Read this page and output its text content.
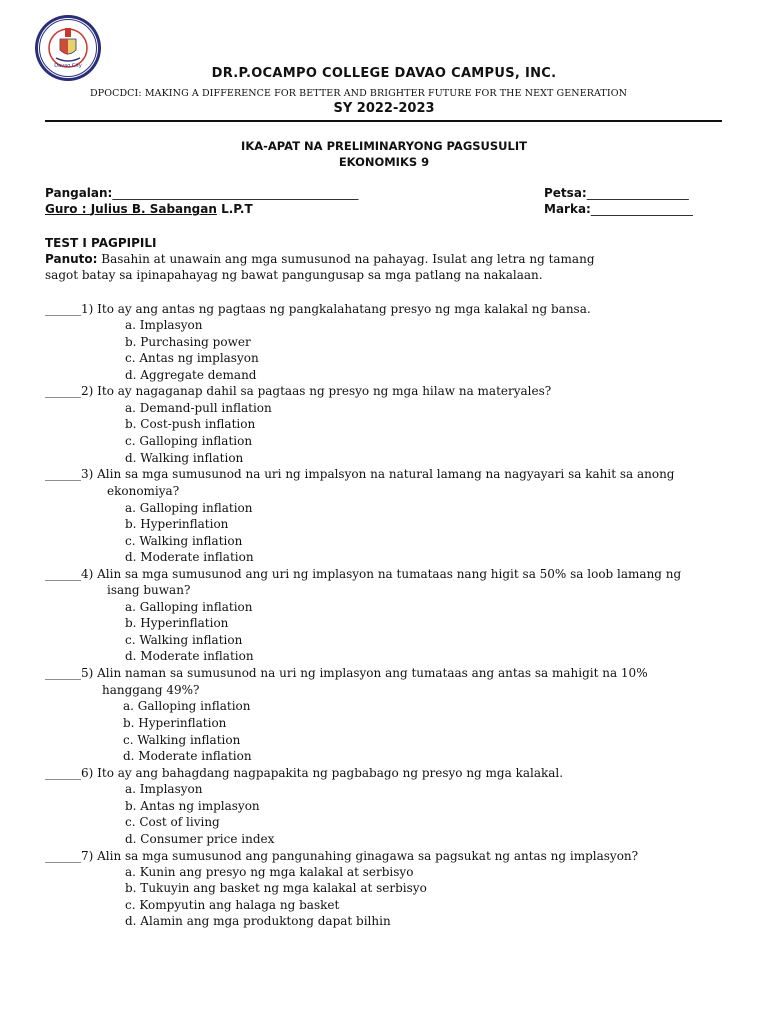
Davao City	DR.P.OCAMPO COLLEGE DAVAO CAMPUS, INC.
DPOCDCI: MAKING A DIFFERENCE FOR BETTER AND BRIGHTER FUTURE FOR THE NEXT GENERATION
SY 2022-2023
IKA-APAT NA PRELIMINARYONG PAGSUSULIT
EKONOMIKS 9
Pangalan:_________________________________________	Petsa:_________________
Guro : Julius B. Sabangan L.P.T	Marka:_________________
TEST I PAGPIPILI
Panuto: Basahin at unawain ang mga sumusunod na pahayag. Isulat ang letra ng tamang
sagot batay sa ipinapahayag ng bawat pangungusap sa mga patlang na nakalaan.
______1) Ito ay ang antas ng pagtaas ng pangkalahatang presyo ng mga kalakal ng bansa.
a. Implasyon
b. Purchasing power
c. Antas ng implasyon
d. Aggregate demand
______2) Ito ay nagaganap dahil sa pagtaas ng presyo ng mga hilaw na materyales?
a. Demand-pull inflation
b. Cost-push inflation
c. Galloping inflation
d. Walking inflation
______3) Alin sa mga sumusunod na uri ng impalsyon na natural lamang na nagyayari sa kahit sa anong
ekonomiya?
a. Galloping inflation
b. Hyperinflation
c. Walking inflation
d. Moderate inflation
______4) Alin sa mga sumusunod ang uri ng implasyon na tumataas nang higit sa 50% sa loob lamang ng
isang buwan?
a. Galloping inflation
b. Hyperinflation
c. Walking inflation
d. Moderate inflation
______5) Alin naman sa sumusunod na uri ng implasyon ang tumataas ang antas sa mahigit na 10%
hanggang 49%?
a. Galloping inflation
b. Hyperinflation
c. Walking inflation
d. Moderate inflation
______6) Ito ay ang bahagdang nagpapakita ng pagbabago ng presyo ng mga kalakal.
a. Implasyon
b. Antas ng implasyon
c. Cost of living
d. Consumer price index
______7) Alin sa mga sumusunod ang pangunahing ginagawa sa pagsukat ng antas ng implasyon?
a. Kunin ang presyo ng mga kalakal at serbisyo
b. Tukuyin ang basket ng mga kalakal at serbisyo
c. Kompyutin ang halaga ng basket
d. Alamin ang mga produktong dapat bilhin
